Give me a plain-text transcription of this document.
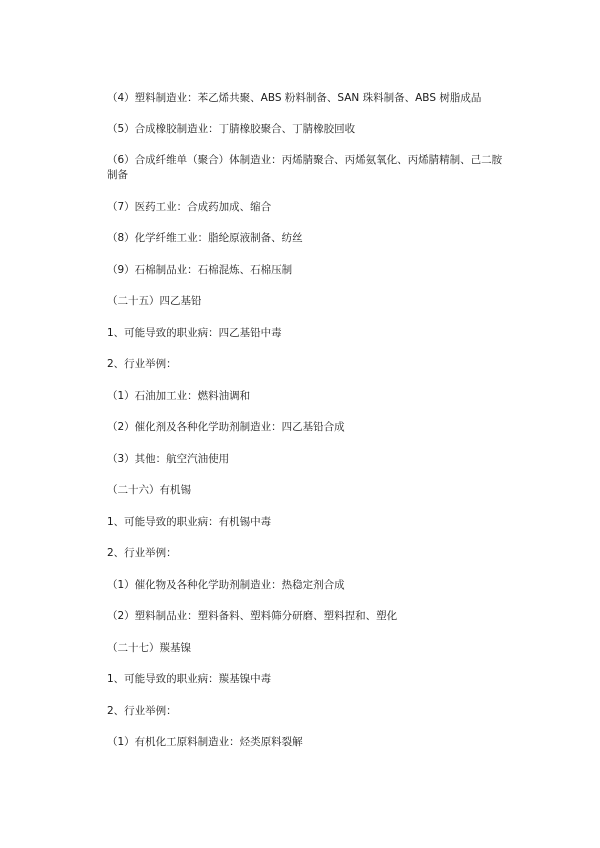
（4）塑料制造业：苯乙烯共聚、ABS 粉料制备、SAN 珠料制备、ABS 树脂成品
（5）合成橡胶制造业：丁腈橡胶聚合、丁腈橡胶回收
（6）合成纤维单（聚合）体制造业：丙烯腈聚合、丙烯氨氧化、丙烯腈精制、己二胺制备
（7）医药工业：合成药加成、缩合
（8）化学纤维工业：脂纶原液制备、纺丝
（9）石棉制品业：石棉混炼、石棉压制
（二十五）四乙基铅
1、可能导致的职业病：四乙基铅中毒
2、行业举例：
（1）石油加工业：燃料油调和
（2）催化剂及各种化学助剂制造业：四乙基铅合成
（3）其他：航空汽油使用
（二十六）有机锡
1、可能导致的职业病：有机锡中毒
2、行业举例：
（1）催化物及各种化学助剂制造业：热稳定剂合成
（2）塑料制品业：塑料备料、塑料筛分研磨、塑料捏和、塑化
（二十七）羰基镍
1、可能导致的职业病：羰基镍中毒
2、行业举例：
（1）有机化工原料制造业：烃类原料裂解
